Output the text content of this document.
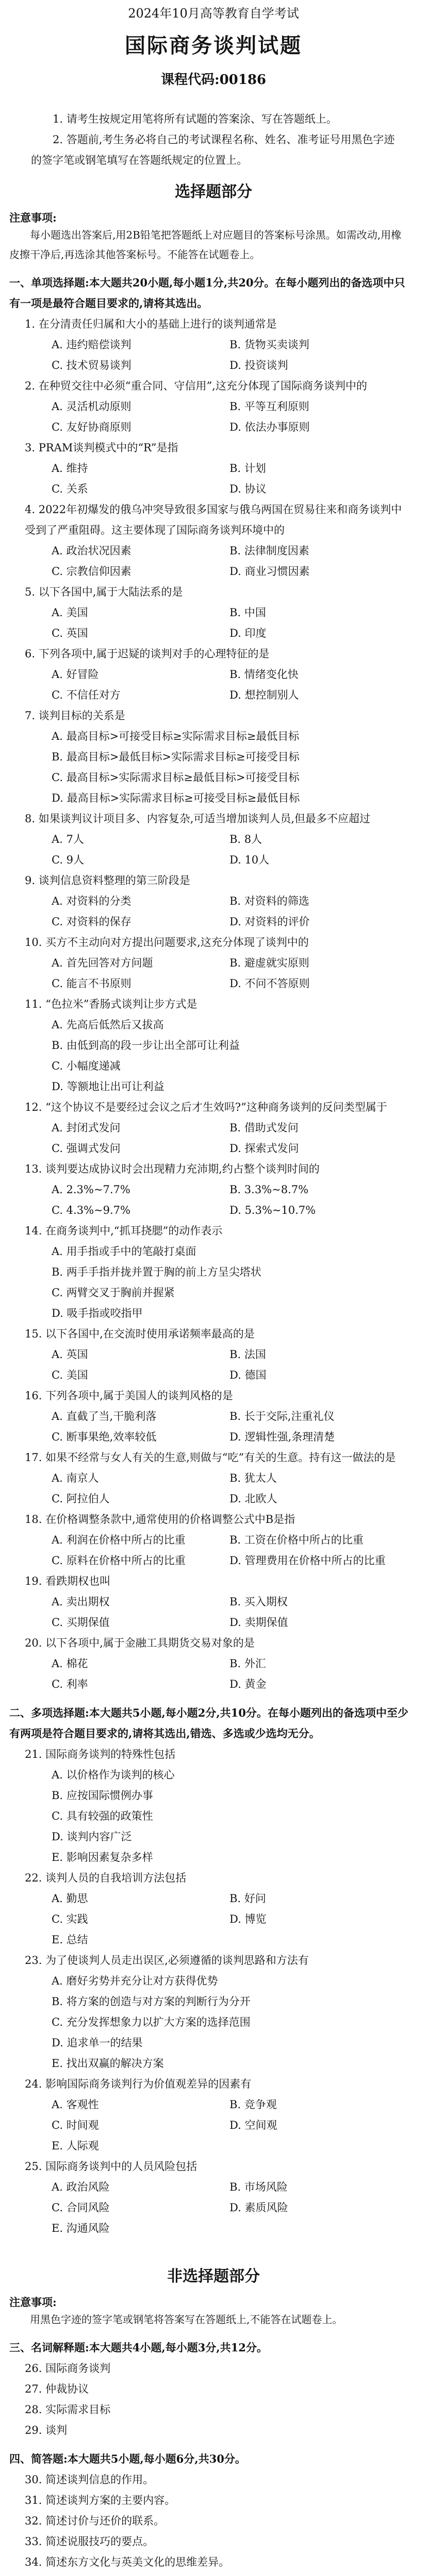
2024年10月高等教育自学考试
国际商务谈判试题
课程代码:00186

1. 请考生按规定用笔将所有试题的答案涂、写在答题纸上。

2. 答题前,考生务必将自己的考试课程名称、姓名、准考证号用黑色字迹的签字笔或钢笔填写在答题纸规定的位置上。

选择题部分
注意事项:
每小题选出答案后,用2B铅笔把答题纸上对应题目的答案标号涂黑。如需改动,用橡皮擦干净后,再选涂其他答案标号。不能答在试题卷上。
一、单项选择题:本大题共20小题,每小题1分,共20分。在每小题列出的备选项中只有一项是最符合题目要求的,请将其选出。
1. 在分清责任归属和大小的基础上进行的谈判通常是
A. 违约赔偿谈判	B. 货物买卖谈判
C. 技术贸易谈判	D. 投资谈判
2. 在种贸交往中必须“重合同、守信用”,这充分体现了国际商务谈判中的
A. 灵活机动原则	B. 平等互利原则
C. 友好协商原则	D. 依法办事原则
3. PRAM谈判模式中的“R”是指
A. 维持	B. 计划
C. 关系	D. 协议
4. 2022年初爆发的俄乌冲突导致很多国家与俄乌两国在贸易往来和商务谈判中受到了严重阻碍。这主要体现了国际商务谈判环境中的
A. 政治状况因素	B. 法律制度因素
C. 宗教信仰因素	D. 商业习惯因素
5. 以下各国中,属于大陆法系的是
A. 美国	B. 中国
C. 英国	D. 印度
6. 下列各项中,属于迟疑的谈判对手的心理特征的是
A. 好冒险	B. 情绪变化快
C. 不信任对方	D. 想控制别人
7. 谈判目标的关系是
A. 最高目标>可接受目标≥实际需求目标≥最低目标
B. 最高目标>最低目标>实际需求目标≥可接受目标
C. 最高目标>实际需求目标≥最低目标>可接受目标
D. 最高目标>实际需求目标≥可接受目标≥最低目标
8. 如果谈判议计项目多、内容复杂,可适当增加谈判人员,但最多不应超过
A. 7人	B. 8人
C. 9人	D. 10人
9. 谈判信息资料整理的第三阶段是
A. 对资料的分类	B. 对资料的筛选
C. 对资料的保存	D. 对资料的评价
10. 买方不主动向对方提出问题要求,这充分体现了谈判中的
A. 首先回答对方问题	B. 避虚就实原则
C. 能言不书原则	D. 不问不答原则
11. “色拉米”香肠式谈判让步方式是
A. 先高后低然后又拔高
B. 由低到高的段一步让出全部可让利益
C. 小幅度递减
D. 等额地让出可让利益
12. “这个协议不是要经过会议之后才生效吗?”这种商务谈判的反问类型属于
A. 封闭式发问	B. 借助式发问
C. 强调式发问	D. 探索式发问
13. 谈判要达成协议时会出现精力充沛期,约占整个谈判时间的
A. 2.3%~7.7%	B. 3.3%~8.7%
C. 4.3%~9.7%	D. 5.3%~10.7%
14. 在商务谈判中,“抓耳挠腮”的动作表示
A. 用手指或手中的笔敲打桌面
B. 两手手指并拢并置于胸的前上方呈尖塔状
C. 两臂交叉于胸前并握紧
D. 吸手指或咬指甲
15. 以下各国中,在交流时使用承诺频率最高的是
A. 英国	B. 法国
C. 美国	D. 德国
16. 下列各项中,属于美国人的谈判风格的是
A. 直截了当,干脆利落	B. 长于交际,注重礼仪
C. 断事果绝,效率较低	D. 逻辑性强,条理清楚
17. 如果不经常与女人有关的生意,则做与“吃”有关的生意。持有这一做法的是
A. 南京人	B. 犹太人
C. 阿拉伯人	D. 北欧人
18. 在价格调整条款中,通常使用的价格调整公式中B是指
A. 利润在价格中所占的比重	B. 工资在价格中所占的比重
C. 原料在价格中所占的比重	D. 管理费用在价格中所占的比重
19. 看跌期权也叫
A. 卖出期权	B. 买入期权
C. 买期保值	D. 卖期保值
20. 以下各项中,属于金融工具期货交易对象的是
A. 棉花	B. 外汇
C. 利率	D. 黄金
二、多项选择题:本大题共5小题,每小题2分,共10分。在每小题列出的备选项中至少有两项是符合题目要求的,请将其选出,错选、多选或少选均无分。
21. 国际商务谈判的特殊性包括
A. 以价格作为谈判的核心
B. 应按国际惯例办事
C. 具有较强的政策性
D. 谈判内容广泛
E. 影响因素复杂多样
22. 谈判人员的自我培训方法包括
A. 勤思	B. 好问
C. 实践	D. 博览
E. 总结
23. 为了使谈判人员走出误区,必须遵循的谈判思路和方法有
A. 磨好劣势并充分让对方获得优势
B. 将方案的创造与对方案的判断行为分开
C. 充分发挥想象力以扩大方案的选择范围
D. 追求单一的结果
E. 找出双赢的解决方案
24. 影响国际商务谈判行为价值观差异的因素有
A. 客观性	B. 竞争观
C. 时间观	D. 空间观
E. 人际观
25. 国际商务谈判中的人员风险包括
A. 政治风险	B. 市场风险
C. 合同风险	D. 素质风险
E. 沟通风险
非选择题部分
注意事项:
用黑色字迹的签字笔或钢笔将答案写在答题纸上,不能答在试题卷上。
三、名词解释题:本大题共4小题,每小题3分,共12分。
26. 国际商务谈判
27. 仲裁协议
28. 实际需求目标
29. 谈判
四、简答题:本大题共5小题,每小题6分,共30分。
30. 简述谈判信息的作用。
31. 简述谈判方案的主要内容。
32. 简述讨价与还价的联系。
33. 简述说服技巧的要点。
34. 简述东方文化与英美文化的思维差异。
